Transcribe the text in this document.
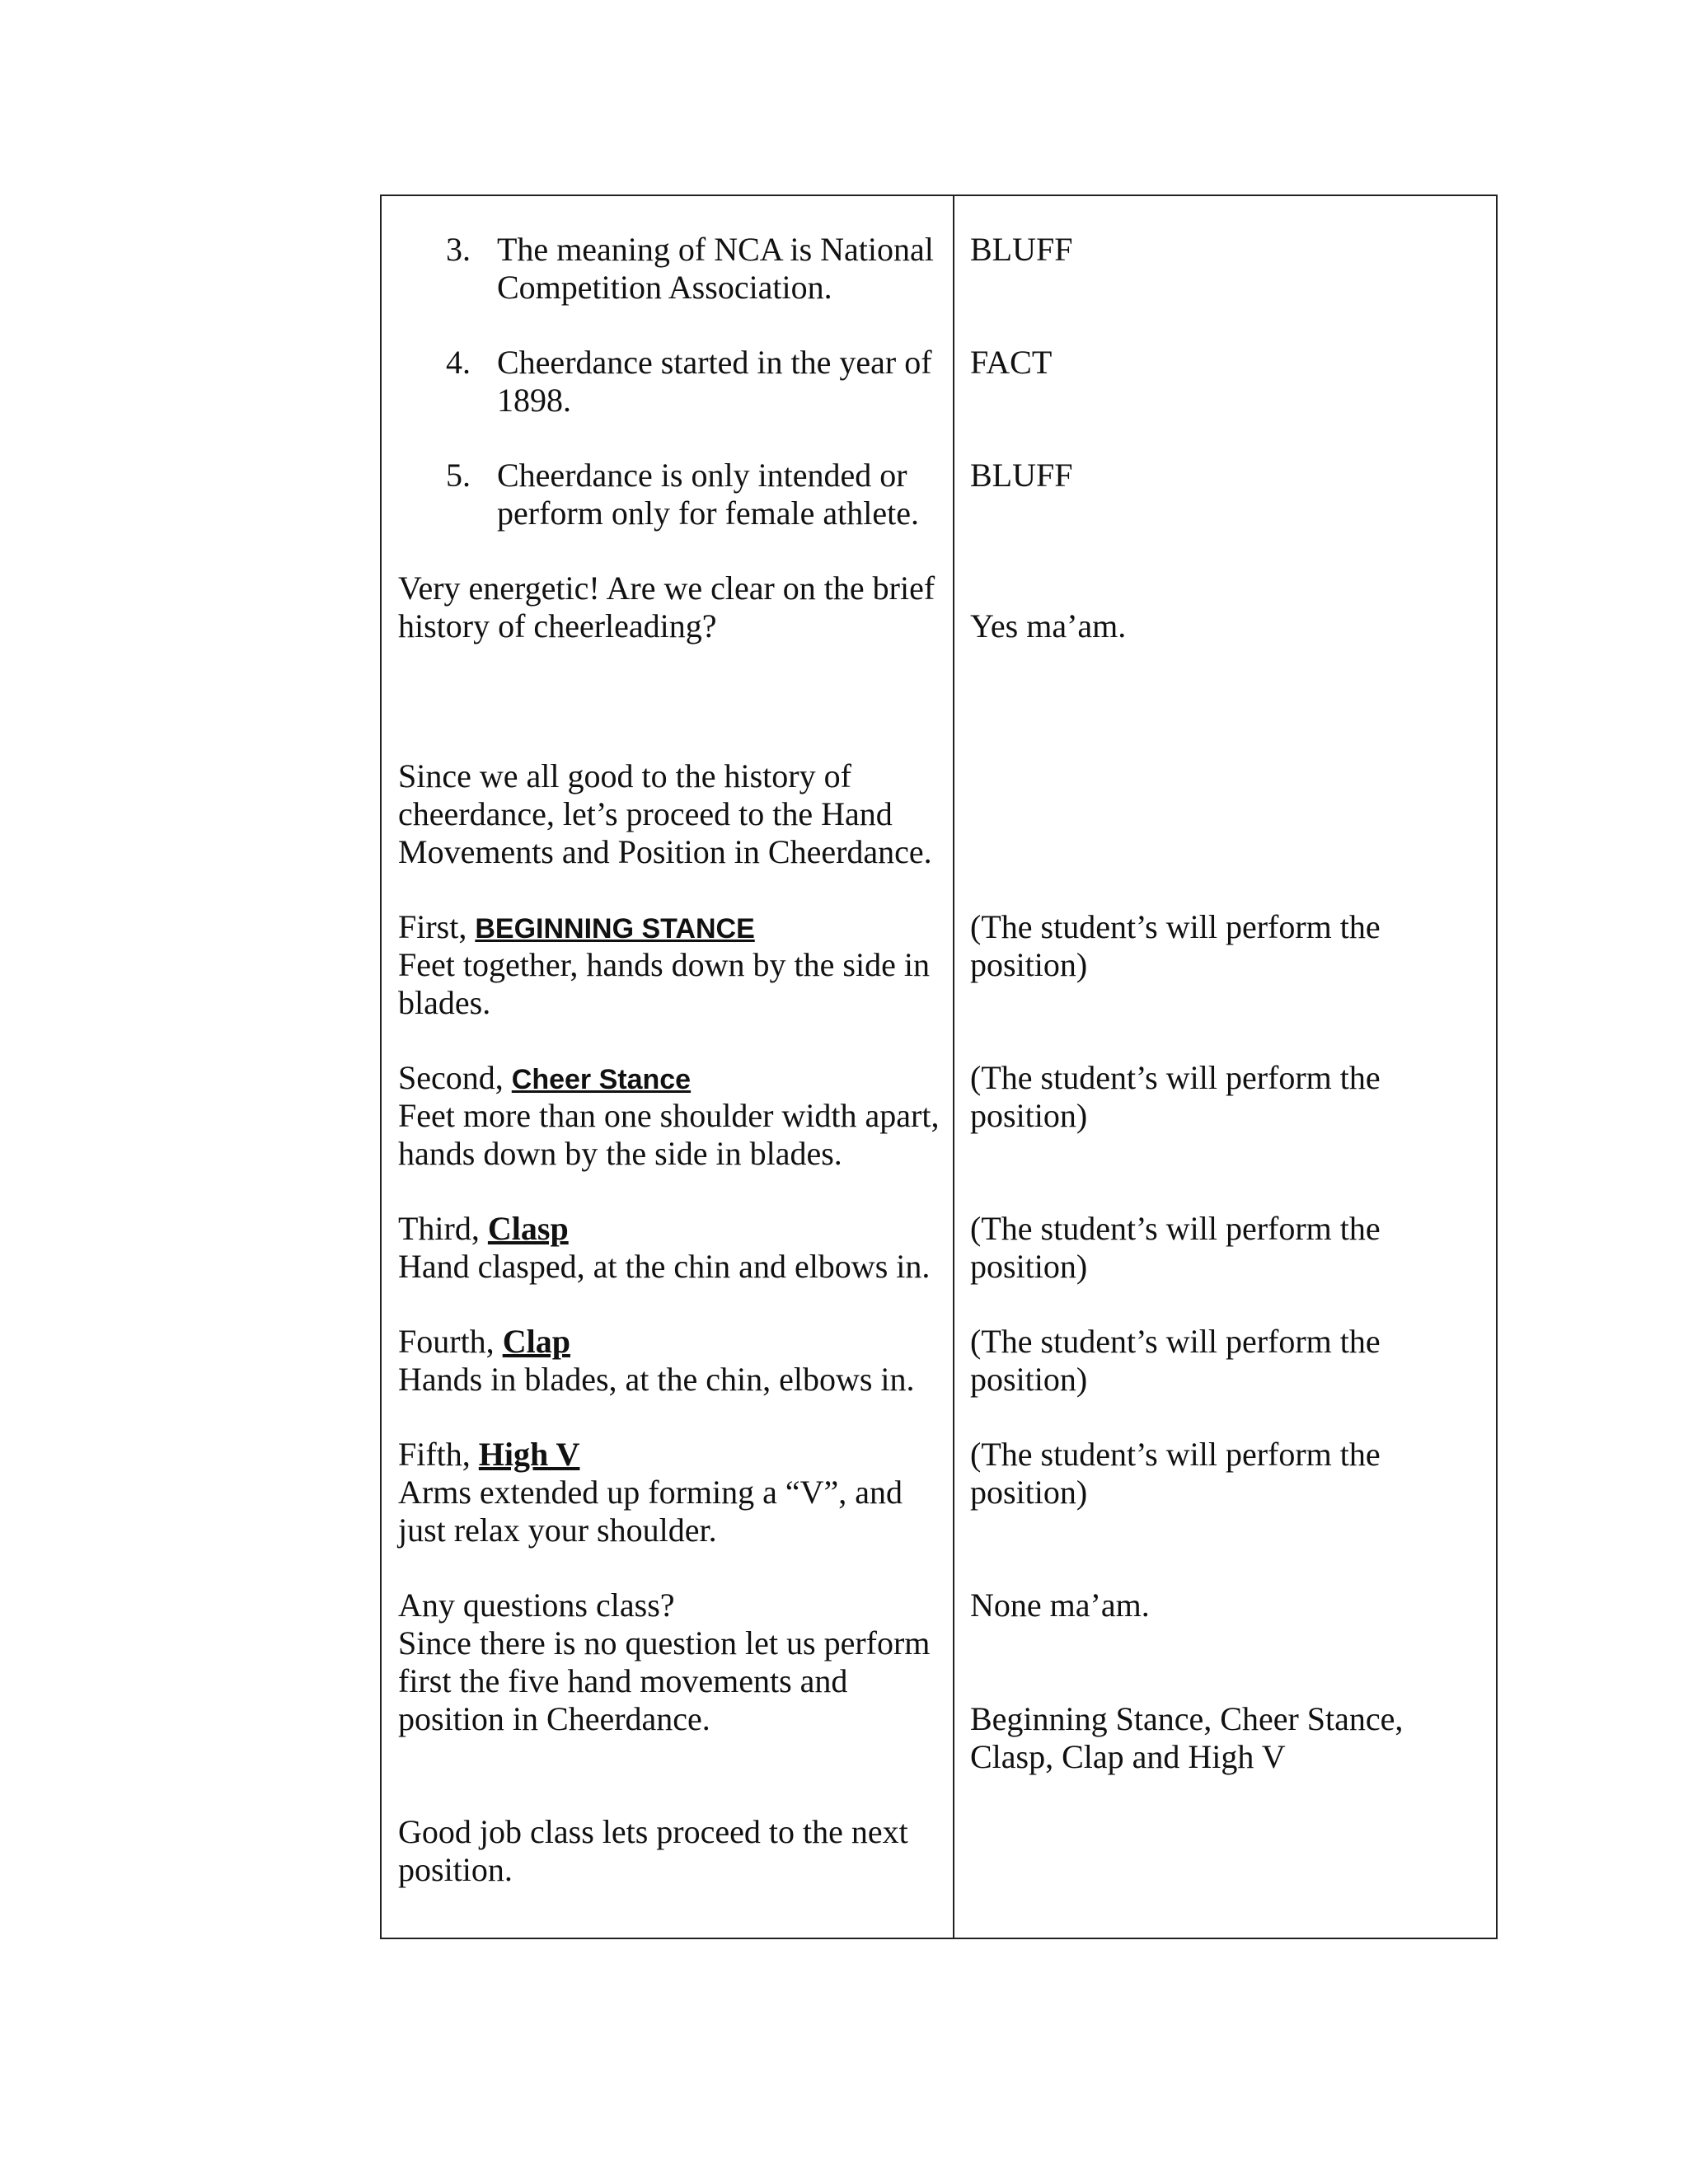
3. The meaning of NCA is National
Competition Association.
BLUFF
4. Cheerdance started in the year of
1898.
FACT
5. Cheerdance is only intended or
perform only for female athlete.
BLUFF
Very energetic! Are we clear on the brief
history of cheerleading?	Yes ma’am.
Since we all good to the history of
cheerdance, let’s proceed to the Hand
Movements and Position in Cheerdance.
First, BEGINNING STANCE
Feet together, hands down by the side in
blades.
(The student’s will perform the
position)
Second, Cheer Stance
Feet more than one shoulder width apart,
hands down by the side in blades.
(The student’s will perform the
position)
Third, Clasp
Hand clasped, at the chin and elbows in.
(The student’s will perform the
position)
Fourth, Clap
Hands in blades, at the chin, elbows in.
(The student’s will perform the
position)
Fifth, High V
Arms extended up forming a “V”, and
just relax your shoulder.
(The student’s will perform the
position)
Any questions class?
Since there is no question let us perform
first the five hand movements and
position in Cheerdance.
None ma’am.
Beginning Stance, Cheer Stance,
Clasp, Clap and High V
Good job class lets proceed to the next
position.
